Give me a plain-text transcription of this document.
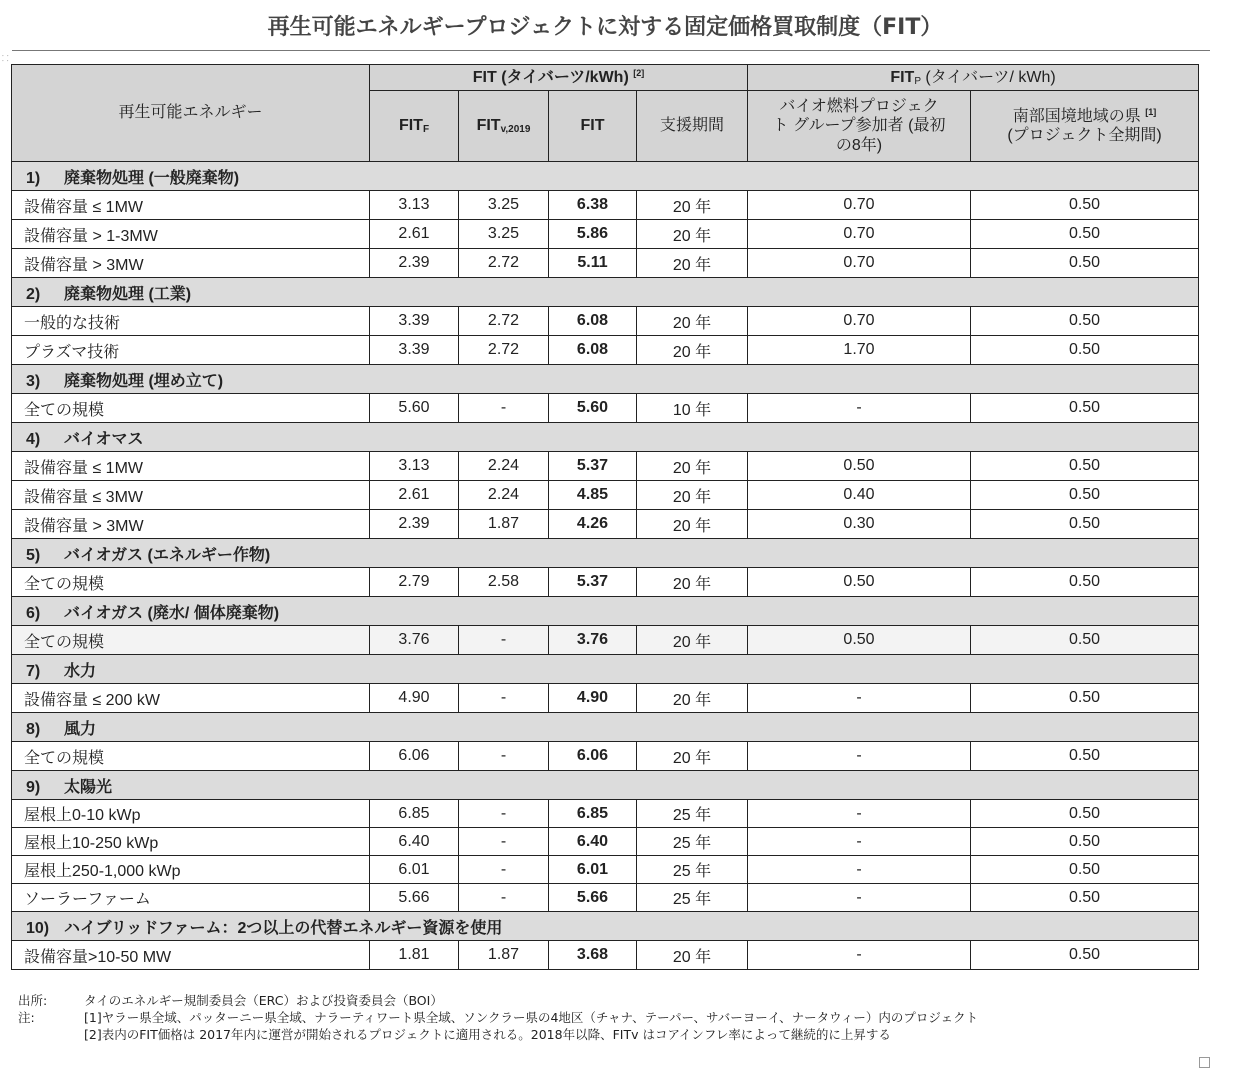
再生可能エネルギープロジェクトに対する固定価格買取制度（FIT）
⸬
再生可能エネルギー	FIT (タイバーツ/kWh) [2]				$FIT_P$ (タイバーツ/ kWh)	
	$FIT_F$	$FIT_{v,2019}$	FIT	支援期間	バイオ燃料プロジェクト グループ参加者 (最初の8年)	南部国境地域の県 [1]
(プロジェクト全期間)
1) 廃棄物処理 (一般廃棄物)						
設備容量 ≤ 1MW	3.13	3.25	6.38	20 年	0.70	0.50
設備容量 > 1-3MW	2.61	3.25	5.86	20 年	0.70	0.50
設備容量 > 3MW	2.39	2.72	5.11	20 年	0.70	0.50
2) 廃棄物処理 (工業)						
一般的な技術	3.39	2.72	6.08	20 年	0.70	0.50
プラズマ技術	3.39	2.72	6.08	20 年	1.70	0.50
3) 廃棄物処理 (埋め立て)						
全ての規模	5.60	-	5.60	10 年	-	0.50
4) バイオマス						
設備容量 ≤ 1MW	3.13	2.24	5.37	20 年	0.50	0.50
設備容量 ≤ 3MW	2.61	2.24	4.85	20 年	0.40	0.50
設備容量 > 3MW	2.39	1.87	4.26	20 年	0.30	0.50
5) バイオガス (エネルギー作物)						
全ての規模	2.79	2.58	5.37	20 年	0.50	0.50
6) バイオガス (廃水/ 個体廃棄物)						
全ての規模	3.76	-	3.76	20 年	0.50	0.50
7) 水力						
設備容量 ≤ 200 kW	4.90	-	4.90	20 年	-	0.50
8) 風力						
全ての規模	6.06	-	6.06	20 年	-	0.50
9) 太陽光						
屋根上0-10 kWp	6.85	-	6.85	25 年	-	0.50
屋根上10-250 kWp	6.40	-	6.40	25 年	-	0.50
屋根上250-1,000 kWp	6.01	-	6.01	25 年	-	0.50
ソーラーファーム	5.66	-	5.66	25 年	-	0.50
10) ハイブリッドファーム：2つ以上の代替エネルギー資源を使用						
設備容量>10-50 MW	1.81	1.87	3.68	20 年	-	0.50
出所:	タイのエネルギー規制委員会（ERC）および投資委員会（BOI）
注:	[1]ヤラー県全域、パッターニー県全域、ナラーティワート県全域、ソンクラー県の4地区（チャナ、テーパー、サバーヨーイ、ナータウィー）内のプロジェクト
[2]表内のFIT価格は 2017年内に運営が開始されるプロジェクトに適用される。2018年以降、FITv はコアインフレ率によって継続的に上昇する
